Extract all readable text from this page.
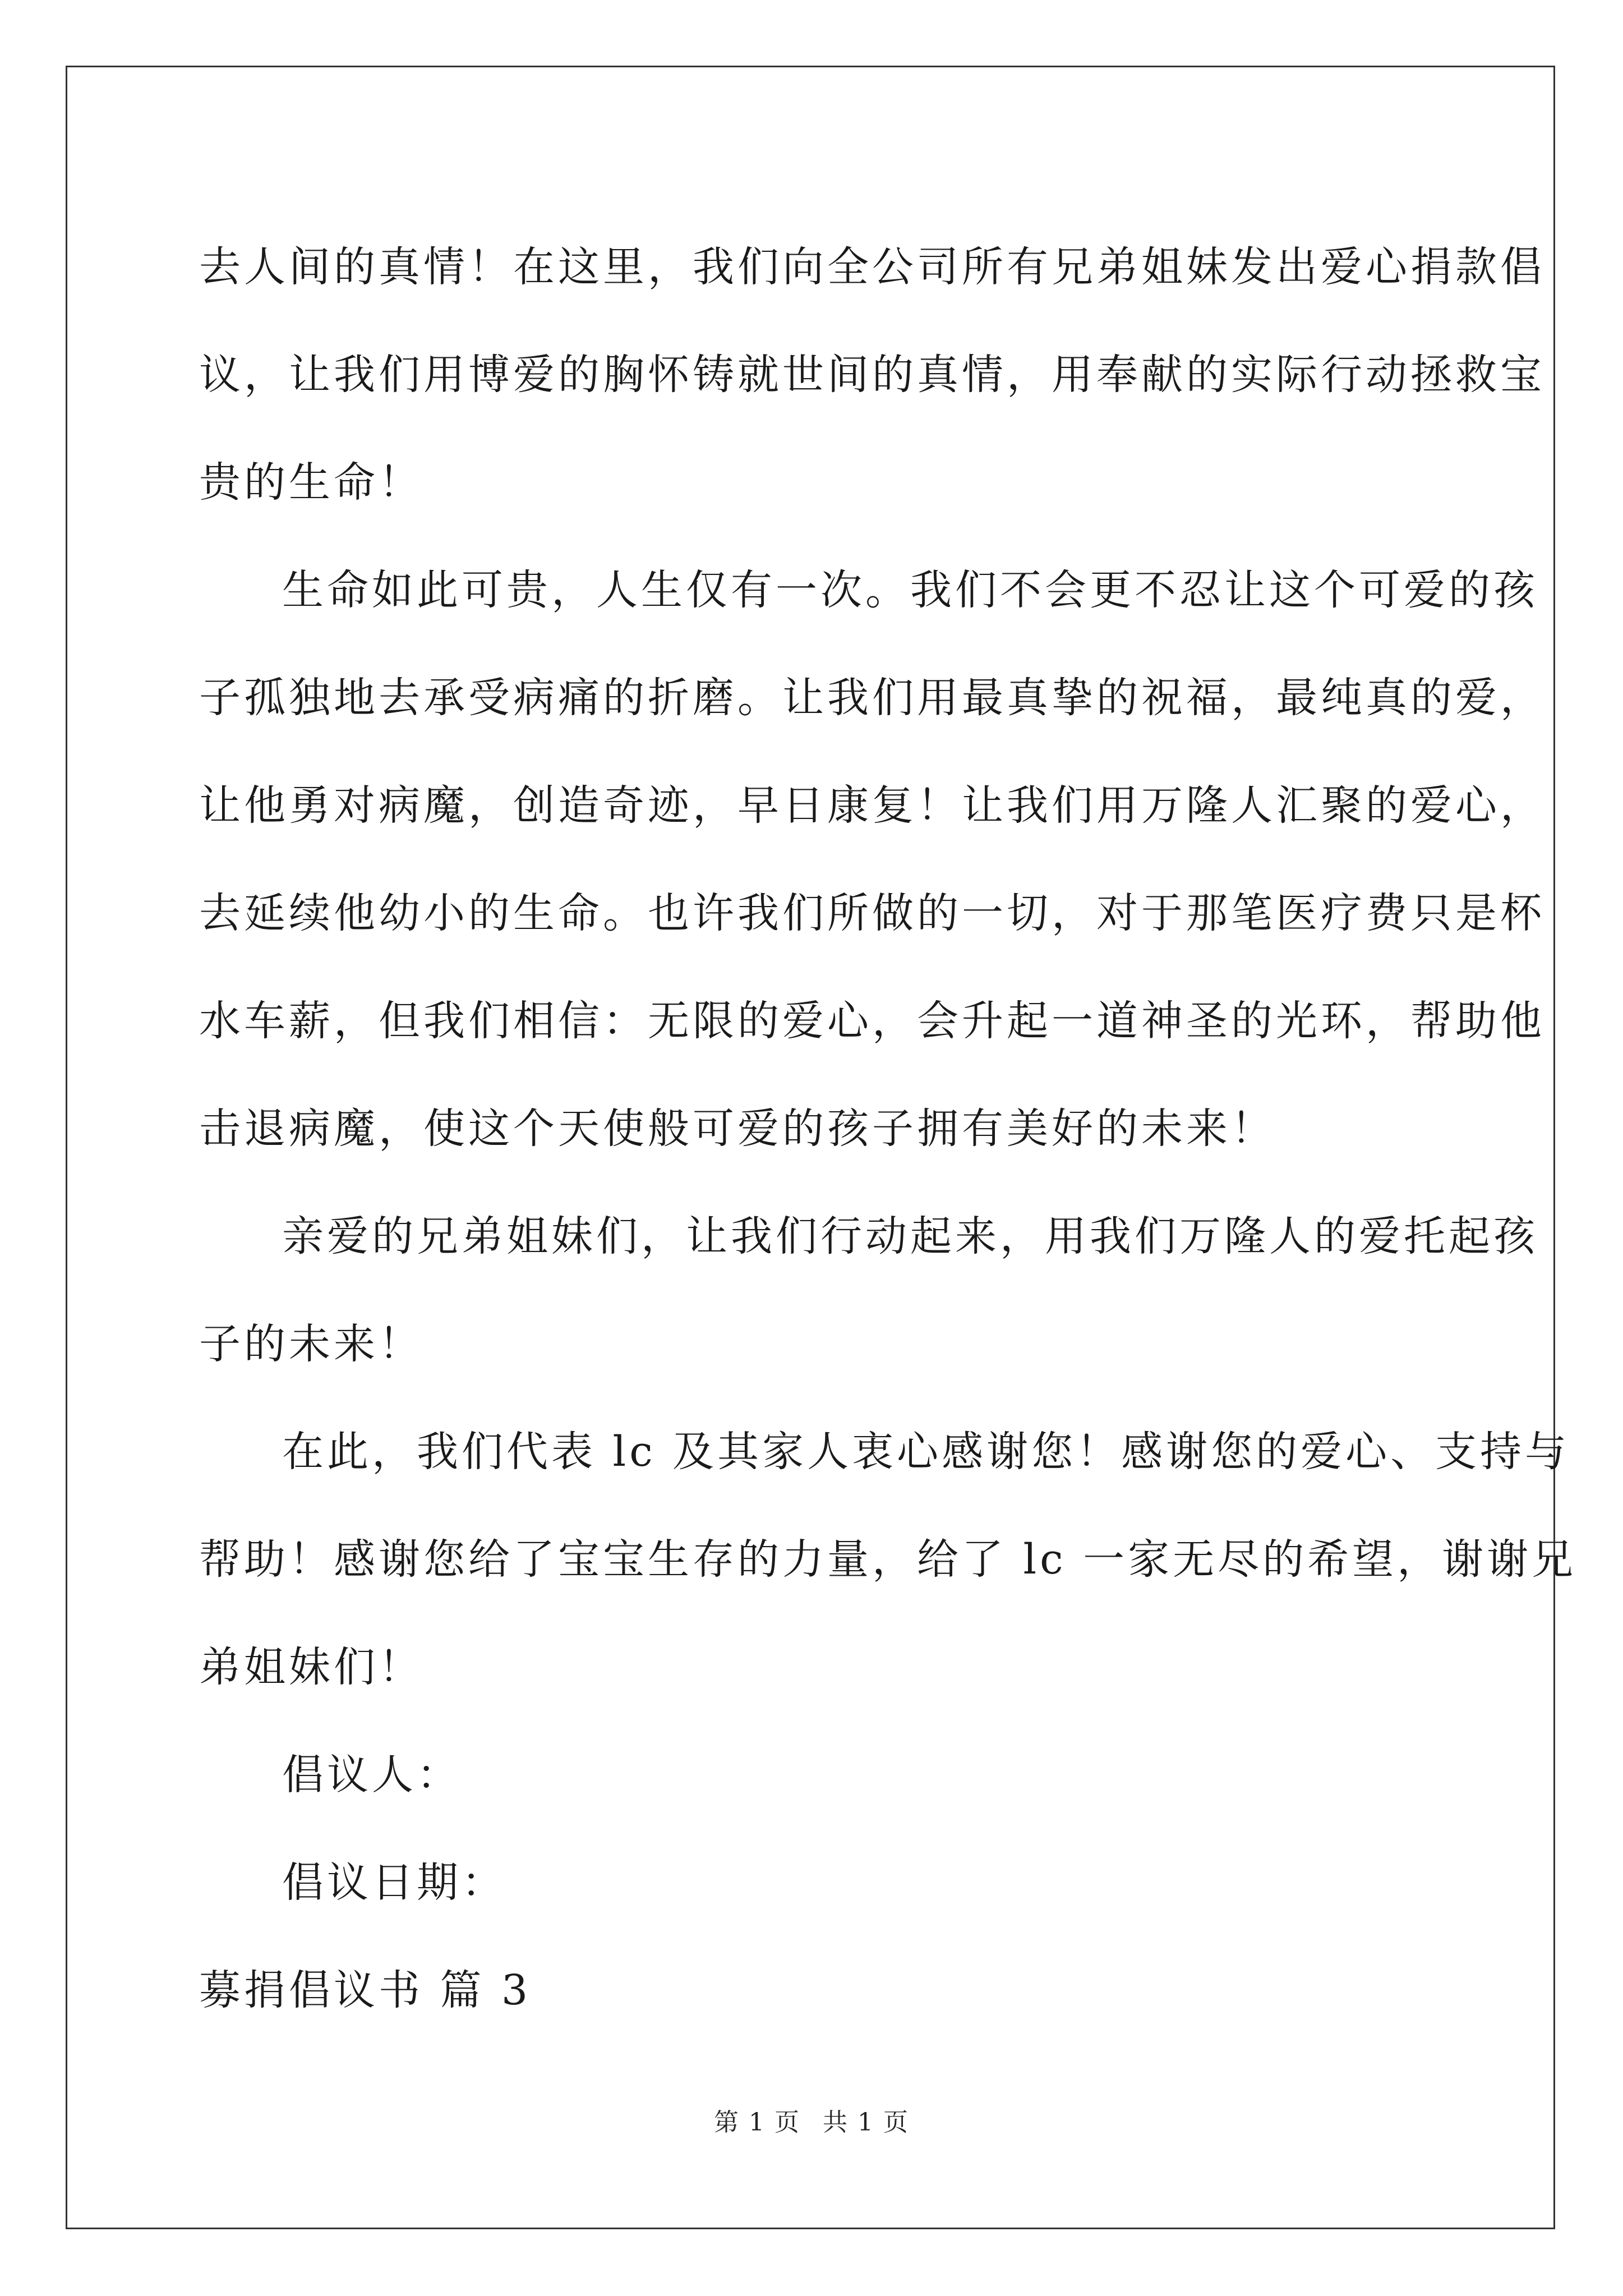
去人间的真情！在这里，我们向全公司所有兄弟姐妹发出爱心捐款倡
议，让我们用博爱的胸怀铸就世间的真情，用奉献的实际行动拯救宝
贵的生命！
生命如此可贵，人生仅有一次。我们不会更不忍让这个可爱的孩
子孤独地去承受病痛的折磨。让我们用最真挚的祝福，最纯真的爱，
让他勇对病魔，创造奇迹，早日康复！让我们用万隆人汇聚的爱心，
去延续他幼小的生命。也许我们所做的一切，对于那笔医疗费只是杯
水车薪，但我们相信：无限的爱心，会升起一道神圣的光环，帮助他
击退病魔，使这个天使般可爱的孩子拥有美好的未来！
亲爱的兄弟姐妹们，让我们行动起来，用我们万隆人的爱托起孩
子的未来！
在此，我们代表 lc 及其家人衷心感谢您！感谢您的爱心、支持与
帮助！感谢您给了宝宝生存的力量，给了 lc 一家无尽的希望，谢谢兄
弟姐妹们！
倡议人：
倡议日期：
募捐倡议书 篇 3
第 1 页 共 1 页
